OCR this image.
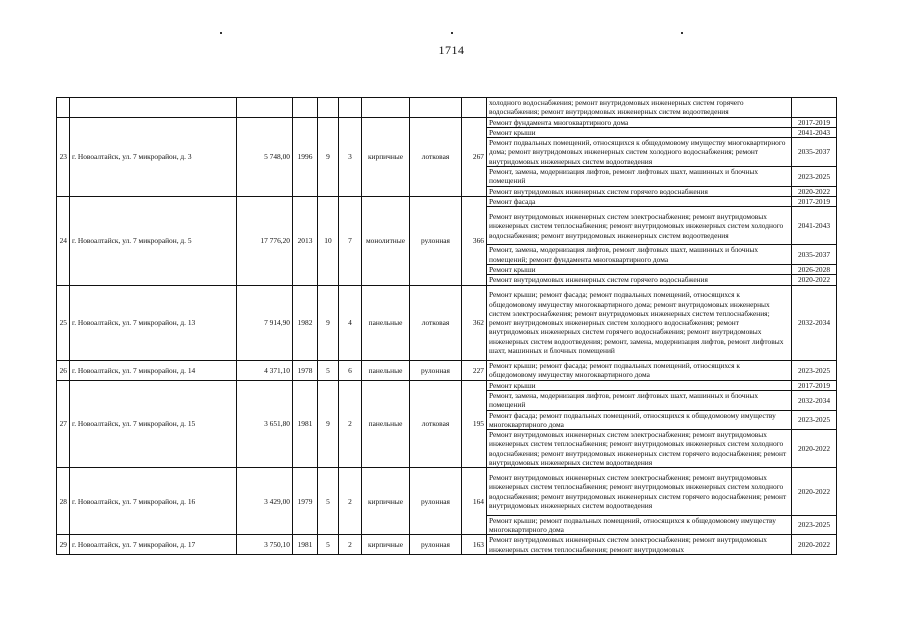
1714
									холодного водоснабжения; ремонт внутридомовых инженерных систем горячего водоснабжения; ремонт внутридомовых инженерных систем водоотведения	
23	г. Новоалтайск, ул. 7 микрорайон, д. 3	5 748,00	1996	9	3	кирпичные	лотковая	267	Ремонт фундамента многоквартирного дома	2017-2019
									Ремонт крыши	2041-2043
									Ремонт подвальных помещений, относящихся к общедомовому имуществу многоквартирного дома; ремонт внутридомовых инженерных систем холодного водоснабжения; ремонт внутридомовых инженерных систем водоотведения	2035-2037
									Ремонт, замена, модернизация лифтов, ремонт лифтовых шахт, машинных и блочных помещений	2023-2025
									Ремонт внутридомовых инженерных систем горячего водоснабжения	2020-2022
24	г. Новоалтайск, ул. 7 микрорайон, д. 5	17 776,20	2013	10	7	монолитные	рулонная	366	Ремонт фасада	2017-2019
									Ремонт внутридомовых инженерных систем электроснабжения; ремонт внутридомовых инженерных систем теплоснабжения; ремонт внутридомовых инженерных систем холодного водоснабжения; ремонт внутридомовых инженерных систем водоотведения	2041-2043
									Ремонт, замена, модернизация лифтов, ремонт лифтовых шахт, машинных и блочных помещений; ремонт фундамента многоквартирного дома	2035-2037
									Ремонт крыши	2026-2028
									Ремонт внутридомовых инженерных систем горячего водоснабжения	2020-2022
25	г. Новоалтайск, ул. 7 микрорайон, д. 13	7 914,90	1982	9	4	панельные	лотковая	362	Ремонт крыши; ремонт фасада; ремонт подвальных помещений, относящихся к общедомовому имуществу многоквартирного дома; ремонт внутридомовых инженерных систем электроснабжения; ремонт внутридомовых инженерных систем теплоснабжения; ремонт внутридомовых инженерных систем холодного водоснабжения; ремонт внутридомовых инженерных систем горячего водоснабжения; ремонт внутридомовых инженерных систем водоотведения; ремонт, замена, модернизация лифтов, ремонт лифтовых шахт, машинных и блочных помещений	2032-2034
26	г. Новоалтайск, ул. 7 микрорайон, д. 14	4 371,10	1978	5	6	панельные	рулонная	227	Ремонт крыши; ремонт фасада; ремонт подвальных помещений, относящихся к общедомовому имуществу многоквартирного дома	2023-2025
27	г. Новоалтайск, ул. 7 микрорайон, д. 15	3 651,80	1981	9	2	панельные	лотковая	195	Ремонт крыши	2017-2019
									Ремонт, замена, модернизация лифтов, ремонт лифтовых шахт, машинных и блочных помещений	2032-2034
									Ремонт фасада; ремонт подвальных помещений, относящихся к общедомовому имуществу многоквартирного дома	2023-2025
									Ремонт внутридомовых инженерных систем электроснабжения; ремонт внутридомовых инженерных систем теплоснабжения; ремонт внутридомовых инженерных систем холодного водоснабжения; ремонт внутридомовых инженерных систем горячего водоснабжения; ремонт внутридомовых инженерных систем водоотведения	2020-2022
28	г. Новоалтайск, ул. 7 микрорайон, д. 16	3 429,00	1979	5	2	кирпичные	рулонная	164	Ремонт внутридомовых инженерных систем электроснабжения; ремонт внутридомовых инженерных систем теплоснабжения; ремонт внутридомовых инженерных систем холодного водоснабжения; ремонт внутридомовых инженерных систем горячего водоснабжения; ремонт внутридомовых инженерных систем водоотведения	2020-2022
									Ремонт крыши; ремонт подвальных помещений, относящихся к общедомовому имуществу многоквартирного дома	2023-2025
29	г. Новоалтайск, ул. 7 микрорайон, д. 17	3 750,10	1981	5	2	кирпичные	рулонная	163	Ремонт внутридомовых инженерных систем электроснабжения; ремонт внутридомовых инженерных систем теплоснабжения; ремонт внутридомовых	2020-2022
